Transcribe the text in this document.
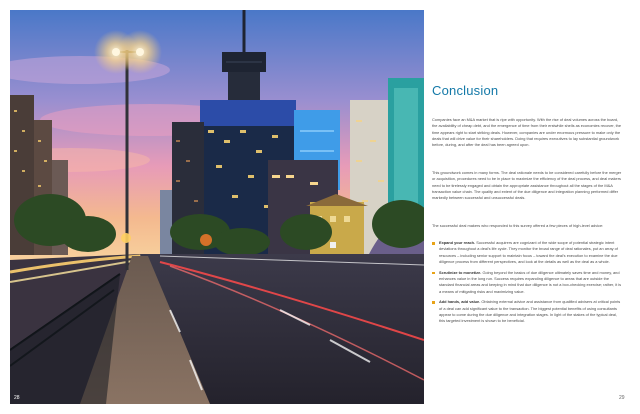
28
Conclusion

Companies face an M&A market that is ripe with opportunity. With the rise of deal volumes across the board, the availability of cheap debt, and the emergence of time from their erstwhile shells as economies recover, the time appears right to start striking deals. However, companies are under enormous pressure to make only the deals that will drive value for their shareholders. Doing that requires executives to lay substantial groundwork before, during, and after the deal has been agreed upon.

This groundwork comes in many forms. The deal rationale needs to be considered carefully before the merger or acquisition, procedures need to be in place to maximize the efficiency of the deal process, and deal makers need to be tirelessly engaged and obtain the appropriate assistance throughout all the stages of the M&A transaction value chain. The quality and extent of the due diligence and integration planning performed differ markedly between successful and unsuccessful deals.

The successful deal makers who responded to this survey offered a few pieces of high-level advice:

Expand your reach. Successful acquirers are cognizant of the wide scope of potential strategic intent deviations throughout a deal's life cycle. They monitor the broad range of deal rationales, put an array of resources – including senior support to maintain focus – toward the deal's execution to examine the due diligence process from different perspectives, and look at the details as well as the deal as a whole.
Scrutinize to monetize. Going beyond the basics of due diligence ultimately saves time and money, and enhances value in the long run. Success requires expanding diligence to areas that are outside the standard financial areas and keeping in mind that due diligence is not a box-checking exercise; rather, it is a means of mitigating risks and maximizing value.
Add hands, add value. Obtaining external advice and assistance from qualified advisers at critical points of a deal can add significant value to the transaction. The biggest potential benefits of using consultants appear to come during the due diligence and integration stages. In light of the stakes of the typical deal, this targeted investment is shown to be beneficial.
29
